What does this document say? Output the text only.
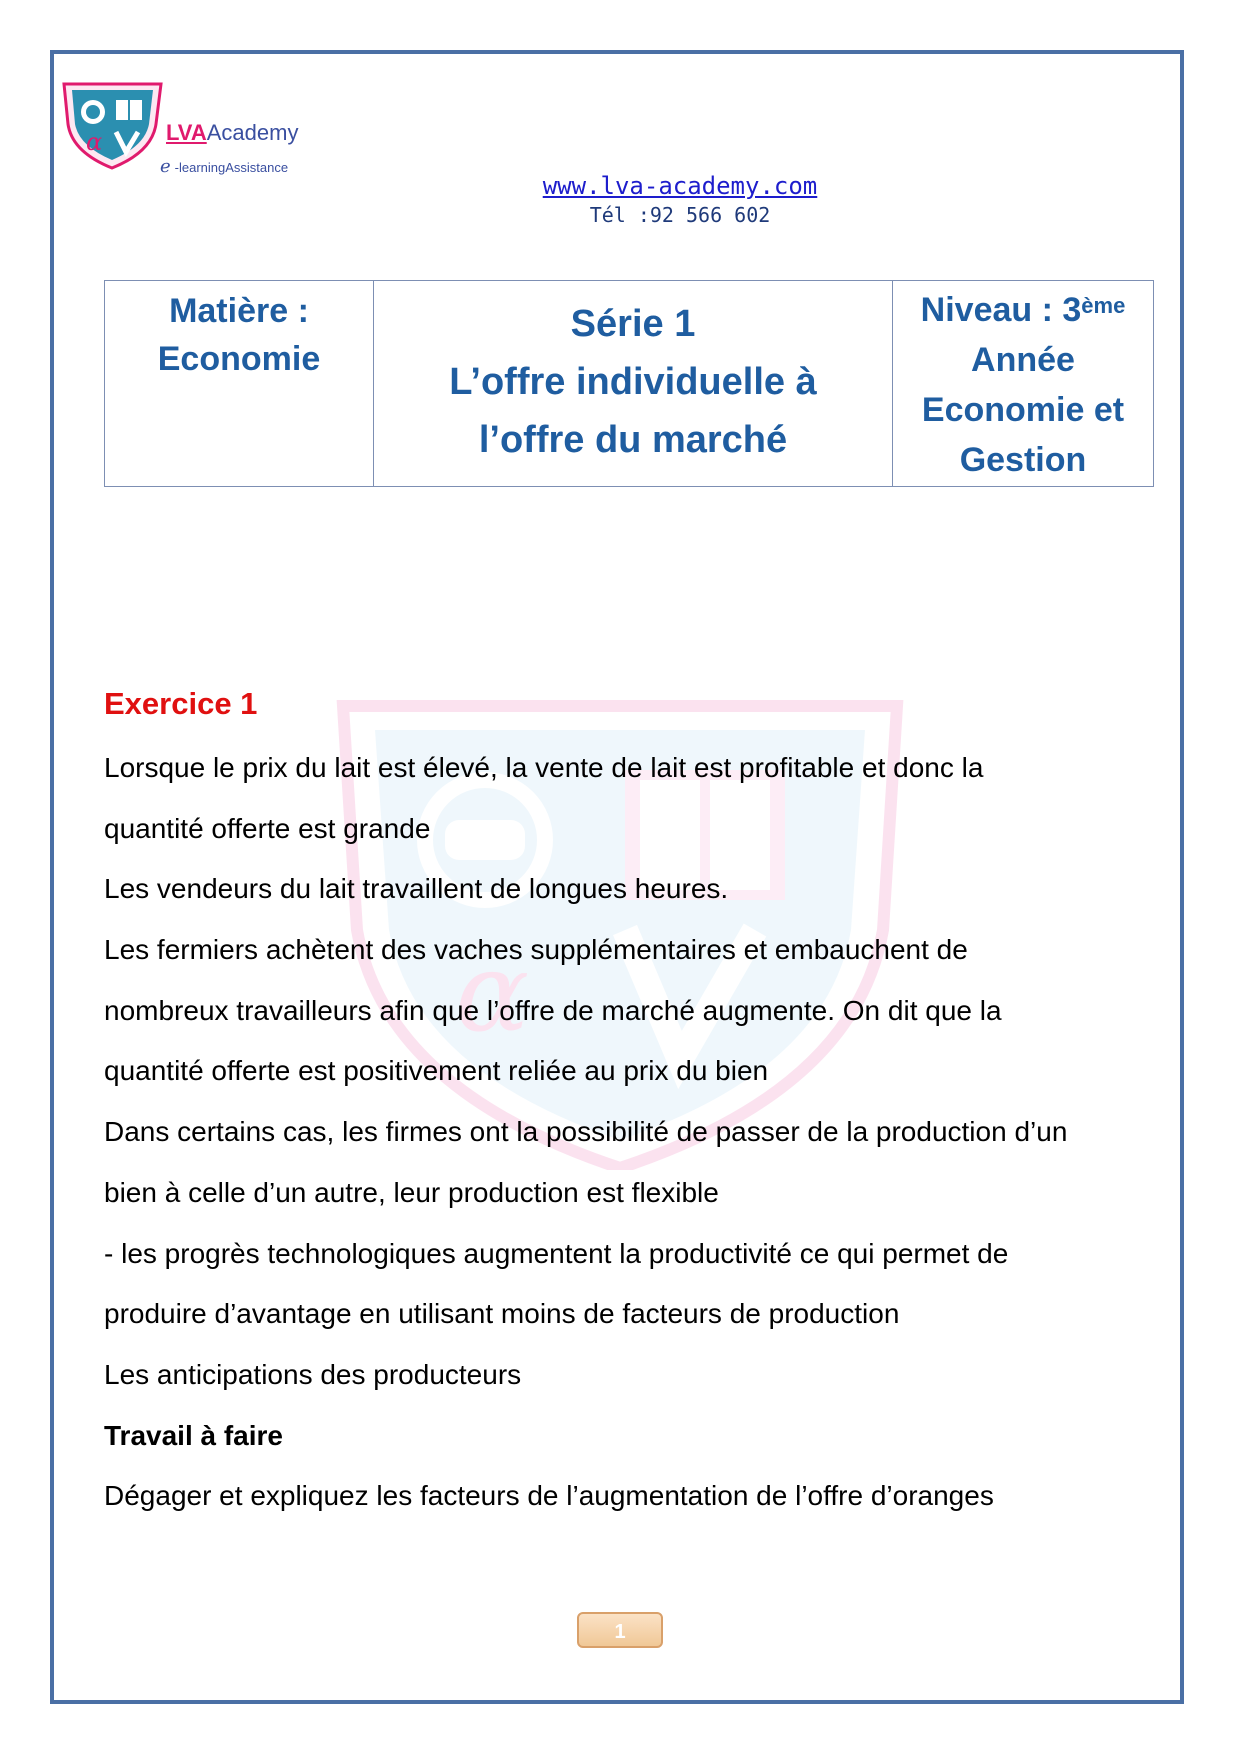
α	LVAAcademy
e -learningAssistance
www.lva-academy.com
Tél :92 566 602
Matière :
Economie

Série 1
L’offre individuelle à
l’offre du marché

Niveau : 3ème
Année
Economie et
Gestion
α
Exercice 1
Lorsque le prix du lait est élevé, la vente de lait est profitable et donc la
quantité offerte est grande
Les vendeurs du lait travaillent de longues heures.
Les fermiers achètent des vaches supplémentaires et embauchent de
nombreux travailleurs afin que l’offre de marché augmente. On dit que la
quantité offerte est positivement reliée au prix du bien
Dans certains cas, les firmes ont la possibilité de passer de la production d’un
bien à celle d’un autre, leur production est flexible
- les progrès technologiques augmentent la productivité ce qui permet de
produire d’avantage en utilisant moins de facteurs de production
Les anticipations des producteurs
Travail à faire
Dégager et expliquez les facteurs de l’augmentation de l’offre d’oranges
1
